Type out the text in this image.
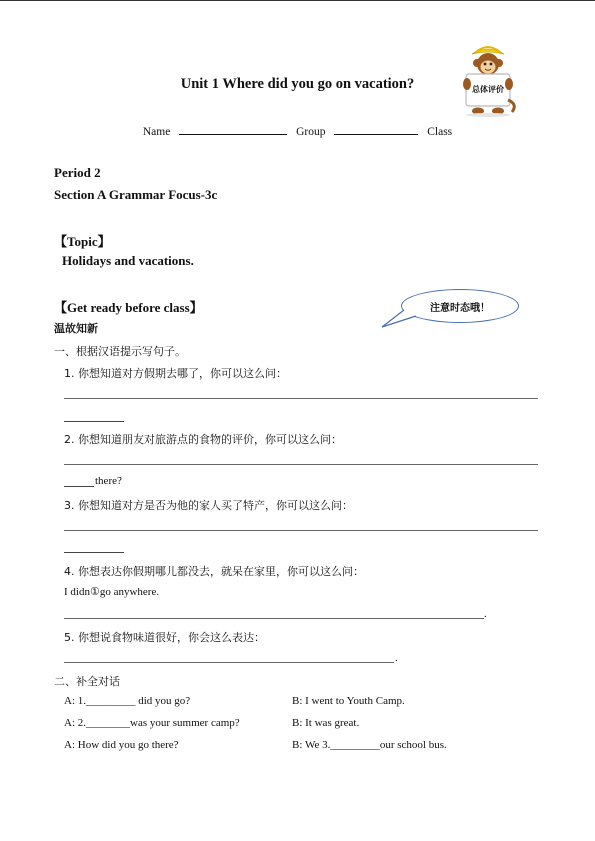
总体评价
Unit 1 Where did you go on vacation?
Name	Group	Class
Period 2
Section A Grammar Focus-3c
【Topic】
Holidays and vacations.
【Get ready before class】	注意时态哦！
温故知新
一、根据汉语提示写句子。
1. 你想知道对方假期去哪了，你可以这么问：
2. 你想知道朋友对旅游点的食物的评价，你可以这么问：
there?
3. 你想知道对方是否为他的家人买了特产，你可以这么问：
4. 你想表达你假期哪儿都没去，就呆在家里，你可以这么问：
I didn①go anywhere.
.
5. 你想说食物味道很好，你会这么表达：
.
二、补全对话
A: 1._________ did you go?	B: I went to Youth Camp.
A: 2.________was your summer camp?	B: It was great.
A: How did you go there?	B: We 3._________our school bus.
